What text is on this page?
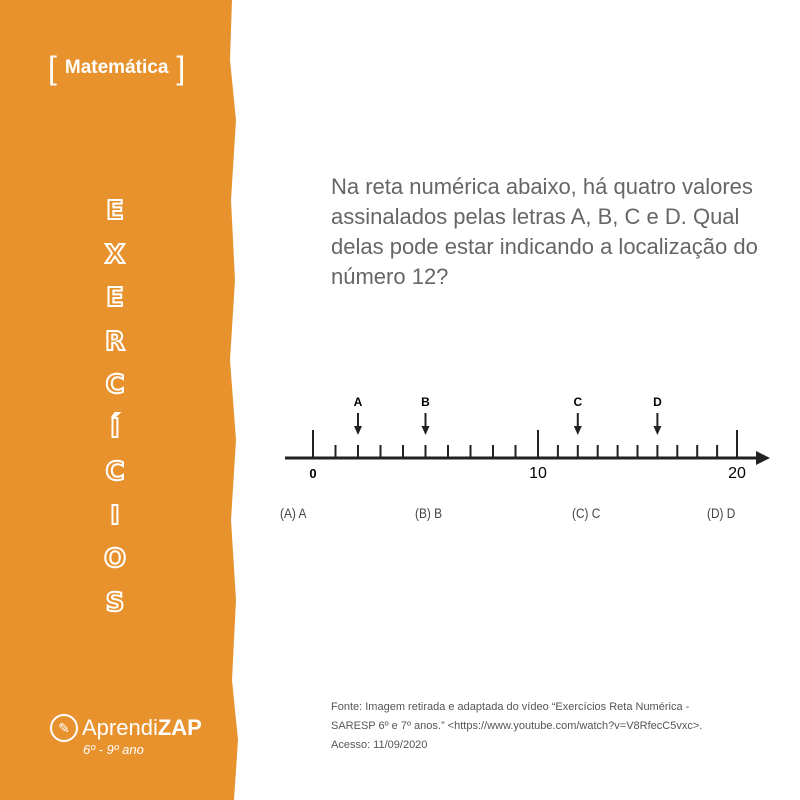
[ Matemática ]
E
X
E
R
C
Í
C
I
O
S
✎ Aprendi ZAP
6º - 9º ano
Na reta numérica abaixo, há quatro valores assinalados pelas letras A, B, C e D. Qual delas pode estar indicando a localização do número 12?
0	10	20
A	B	C	D
(A) A	(B) B	(C) C	(D) D
Fonte: Imagem retirada e adaptada do vídeo “Exercícios Reta Numérica -
SARESP 6º e 7º anos.” <https://www.youtube.com/watch?v=V8RfecC5vxc>.
Acesso: 11/09/2020
